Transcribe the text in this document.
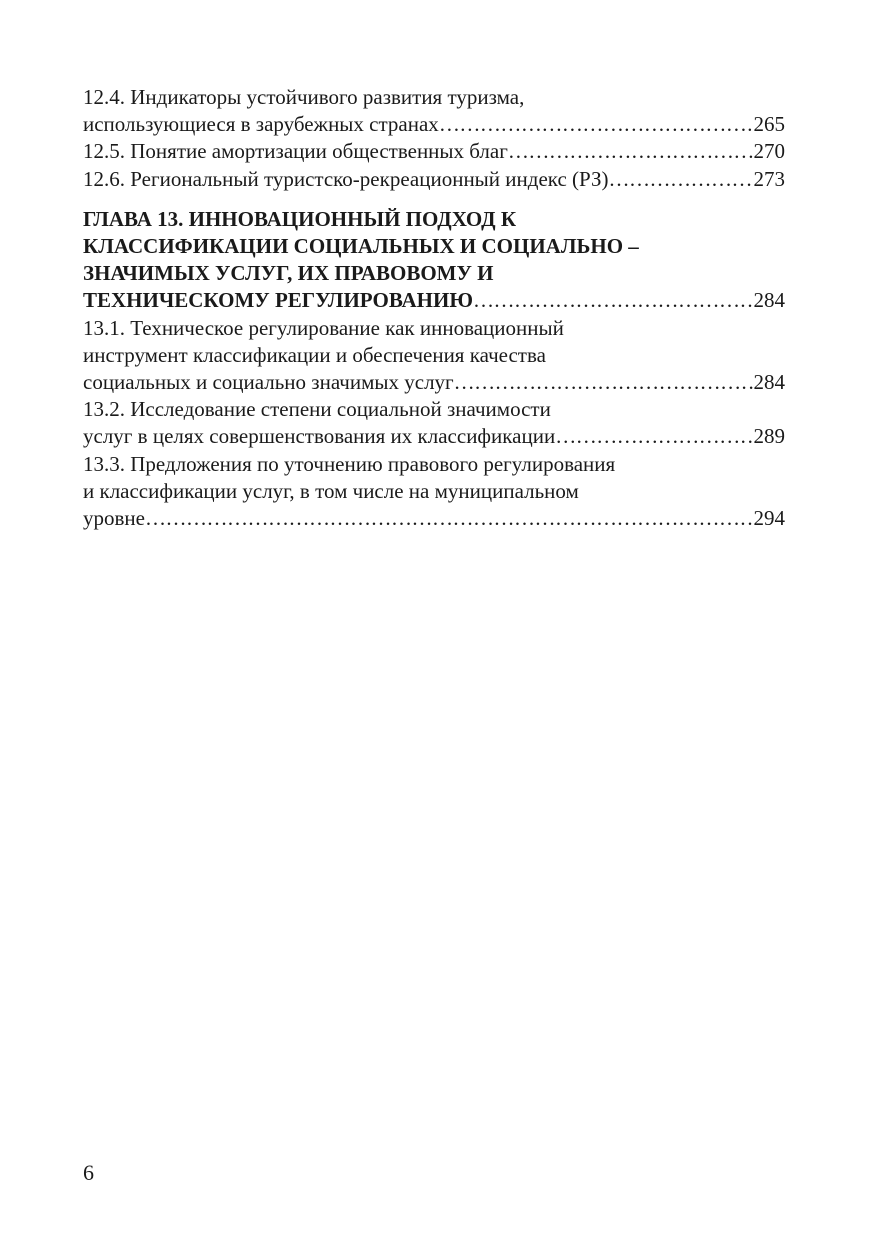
12.4. Индикаторы устойчивого развития туризма,
использующиеся в зарубежных странах ………………………………………………………………………………………………………………………………	265
12.5. Понятие амортизации общественных благ ………………………………………………………………………………………………………………………………	270
12.6. Региональный туристско-рекреационный индекс (РЗ) ………………………………………………………………………………………………………………………………	273
ГЛАВА 13. ИННОВАЦИОННЫЙ ПОДХОД К
КЛАССИФИКАЦИИ СОЦИАЛЬНЫХ И СОЦИАЛЬНО –
ЗНАЧИМЫХ УСЛУГ, ИХ ПРАВОВОМУ И
ТЕХНИЧЕСКОМУ РЕГУЛИРОВАНИЮ ………………………………………………………………………………………………………………………………	284
13.1. Техническое регулирование как инновационный
инструмент классификации и обеспечения качества
социальных и социально значимых услуг ………………………………………………………………………………………………………………………………	284
13.2. Исследование степени социальной значимости
услуг в целях совершенствования их классификации ………………………………………………………………………………………………………………………………	289
13.3. Предложения по уточнению правового регулирования
и классификации услуг, в том числе на муниципальном
уровне ………………………………………………………………………………………………………………………………	294
6
